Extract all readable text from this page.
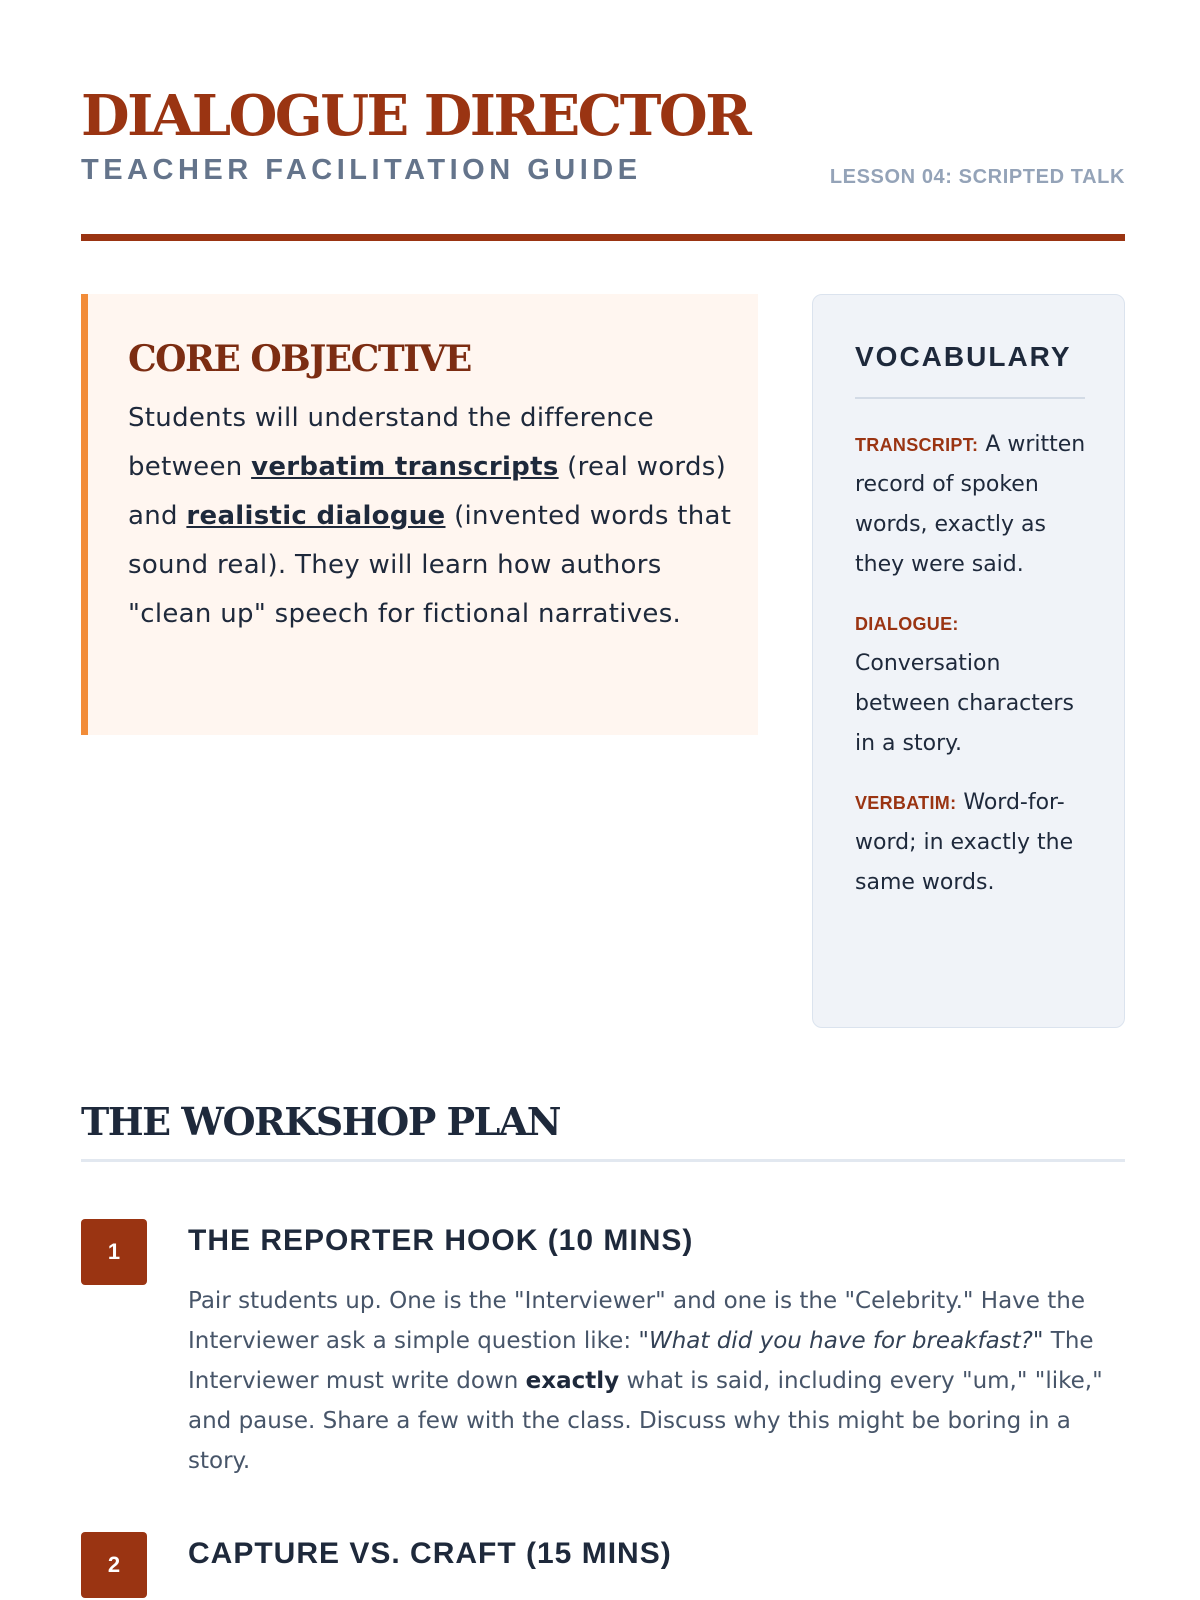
DIALOGUE DIRECTOR
TEACHER FACILITATION GUIDE	LESSON 04: SCRIPTED TALK
CORE OBJECTIVE

Students will understand the difference between verbatim transcripts (real words) and realistic dialogue (invented words that sound real). They will learn how authors "clean up" speech for fictional narratives.

VOCABULARY
TRANSCRIPT: A written record of spoken words, exactly as they were said.
DIALOGUE: Conversation between characters in a story.
VERBATIM: Word-for-word; in exactly the same words.
THE WORKSHOP PLAN
1	THE REPORTER HOOK (10 MINS)

Pair students up. One is the "Interviewer" and one is the "Celebrity." Have the Interviewer ask a simple question like: "What did you have for breakfast?" The Interviewer must write down exactly what is said, including every "um," "like," and pause. Share a few with the class. Discuss why this might be boring in a story.

2	CAPTURE VS. CRAFT (15 MINS)
